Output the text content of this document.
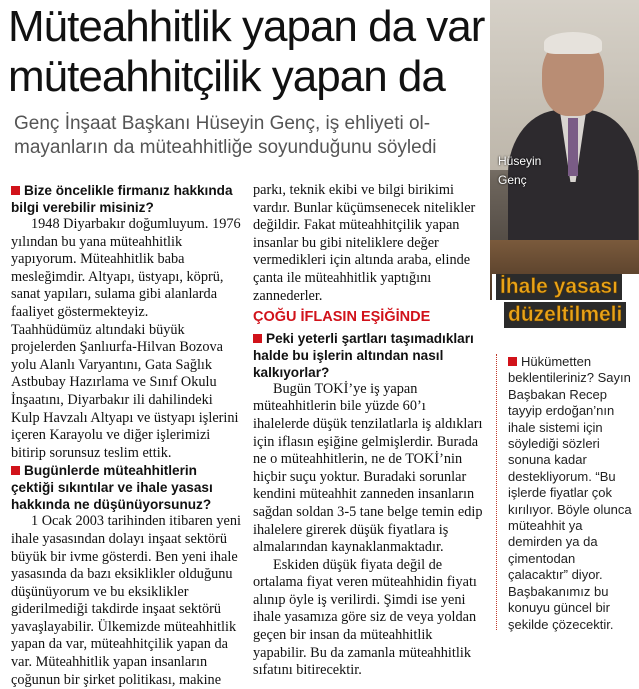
Müteahhitlik yapan da var
müteahhitçilik yapan da
Genç İnşaat Başkanı Hüseyin Genç, iş ehliyeti ol-
mayanların da müteahhitliğe soyunduğunu söyledi
Hüseyin
Genç
İhale yasası
düzeltilmeli

Bize öncelikle firmanız hakkında bilgi verebilir misiniz?

1948 Diyarbakır doğumluyum. 1976 yılından bu yana müteahhitlik yapıyorum. Müteahhitlik baba mesleğimdir. Altyapı, üstyapı, köprü, sanat yapıları, sulama gibi alanlarda faaliyet göstermekteyiz.

Taahhüdümüz altındaki büyük projelerden Şanlıurfa-Hilvan Bozova yolu Alanlı Varyantını, Gata Sağlık Astbubay Hazırlama ve Sınıf Okulu İnşaatını, Diyarbakır ili dahilindeki Kulp Havzalı Altyapı ve üstyapı işlerini içeren Karayolu ve diğer işlerimizi bitirip sorunsuz teslim ettik.

Bugünlerde müteahhitlerin çektiği sıkıntılar ve ihale yasası hakkında ne düşünüyorsunuz?

1 Ocak 2003 tarihinden itibaren yeni ihale yasasından dolayı inşaat sektörü büyük bir ivme gösterdi. Ben yeni ihale yasasında da bazı eksiklikler olduğunu düşünüyorum ve bu eksiklikler giderilmediği takdirde inşaat sektörü yavaşlayabilir. Ülkemizde müteahhitlik yapan da var, müteahhitçilik yapan da var. Müteahhitlik yapan insanların çoğunun bir şirket politikası, makine

parkı, teknik ekibi ve bilgi birikimi vardır. Bunlar küçümsenecek nitelikler değildir. Fakat müteahhitçilik yapan insanlar bu gibi niteliklere değer vermedikleri için altında araba, elinde çanta ile müteahhitlik yaptığını zannederler.

ÇOĞU İFLASIN EŞİĞİNDE

Peki yeterli şartları taşımadıkları halde bu işlerin altından nasıl kalkıyorlar?

Bugün TOKİ’ye iş yapan müteahhitlerin bile yüzde 60’ı ihalelerde düşük tenzilatlarla iş aldıkları için iflasın eşiğine gelmişlerdir. Burada ne o müteahhitlerin, ne de TOKİ’nin hiçbir suçu yoktur. Buradaki sorunlar kendini müteahhit zanneden insanların sağdan soldan 3-5 tane belge temin edip ihalelere girerek düşük fiyatlara iş almalarından kaynaklanmaktadır.

Eskiden düşük fiyata değil de ortalama fiyat veren müteahhidin fiyatı alınıp öyle iş verilirdi. Şimdi ise yeni ihale yasamıza göre siz de veya yoldan geçen bir insan da müteahhitlik yapabilir. Bu da zamanla müteahhitlik sıfatını bitirecektir.

Hükümetten beklentileriniz? Sayın Başbakan Recep tayyip erdoğan’nın ihale sistemi için söylediği sözleri sonuna kadar destekliyorum. “Bu işlerde fiyatlar çok kırılıyor. Böyle olunca müteahhit ya demirden ya da çimentodan çalacaktır” diyor. Başbakanımız bu konuyu güncel bir şekilde çözecektir.
